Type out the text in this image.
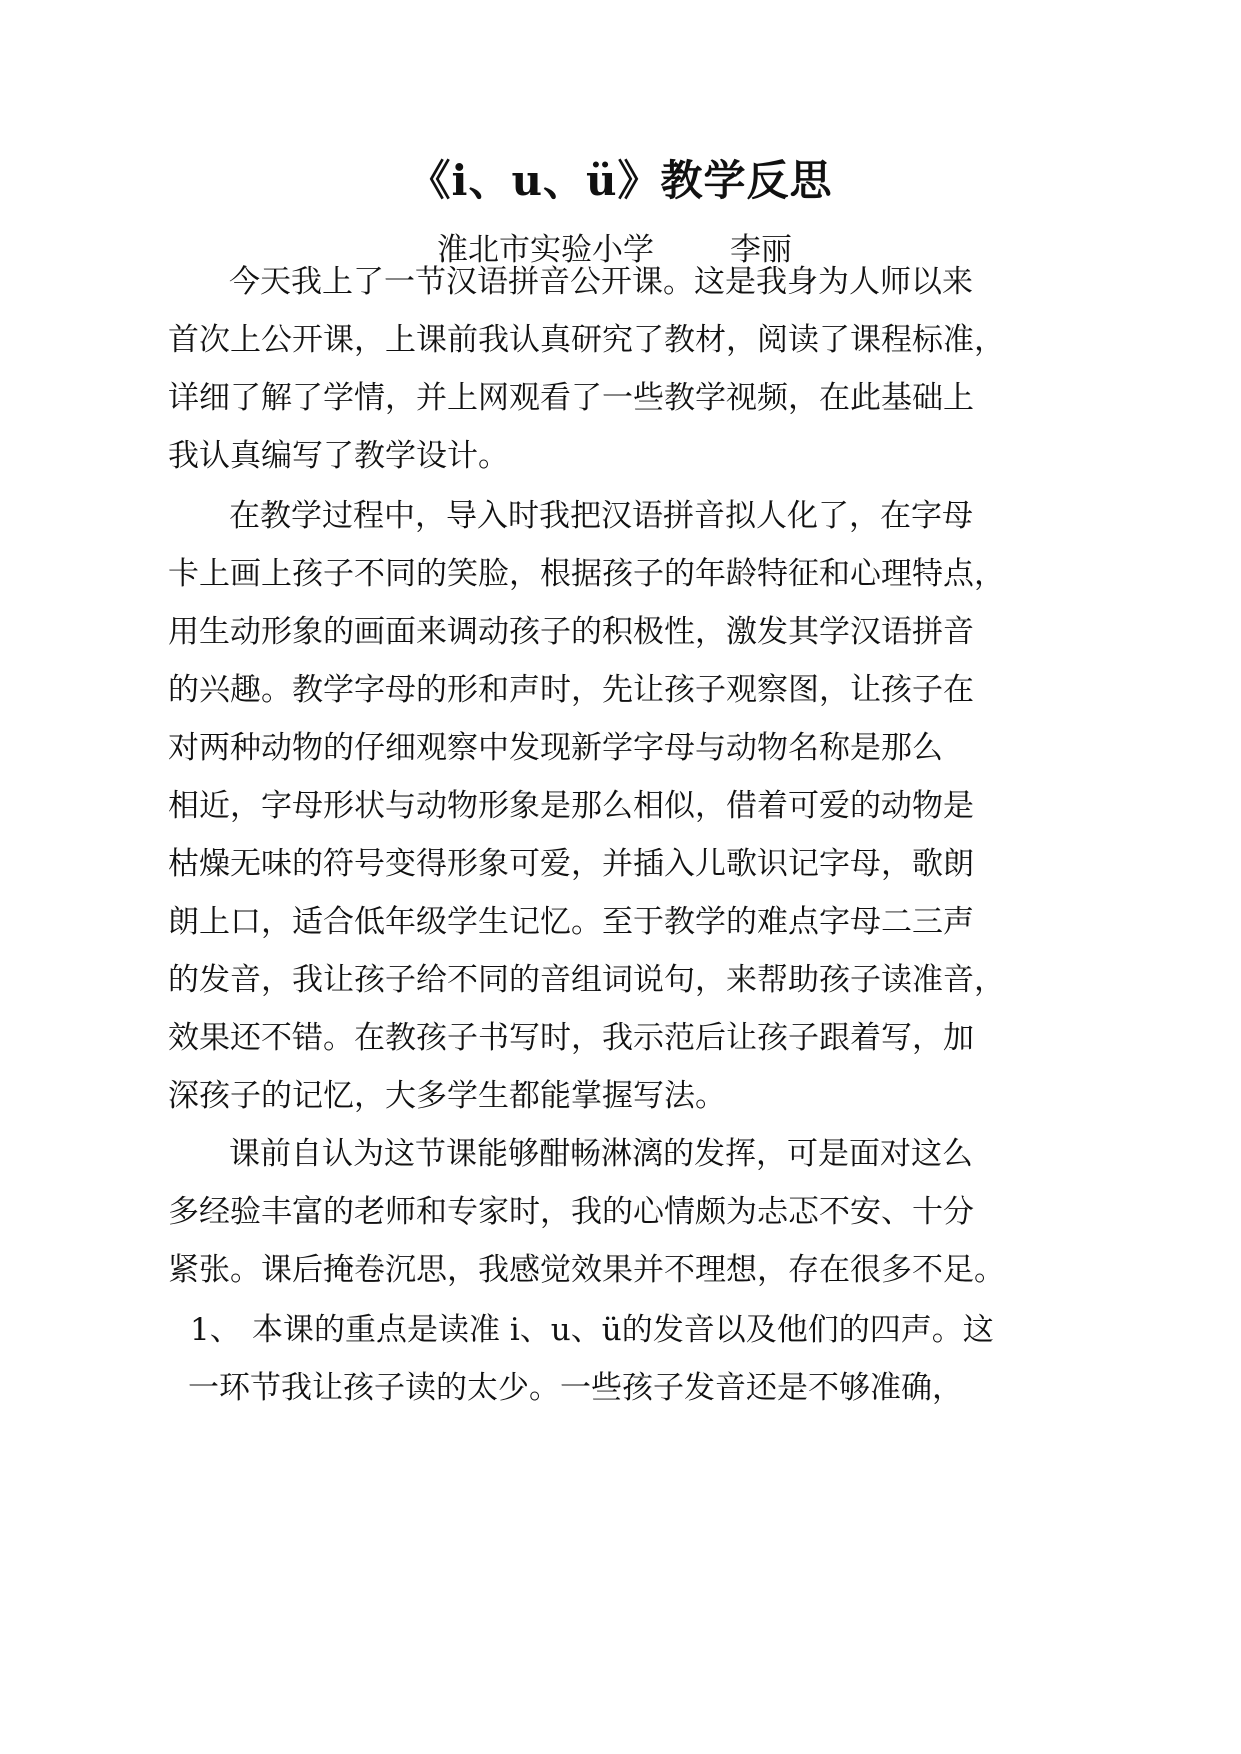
《i、u、ü》教学反思
淮北市实验小学 李丽
今天我上了一节汉语拼音公开课。这是我身为人师以来
首次上公开课，上课前我认真研究了教材，阅读了课程标准，
详细了解了学情，并上网观看了一些教学视频，在此基础上
我认真编写了教学设计。
在教学过程中，导入时我把汉语拼音拟人化了，在字母
卡上画上孩子不同的笑脸，根据孩子的年龄特征和心理特点，
用生动形象的画面来调动孩子的积极性，激发其学汉语拼音
的兴趣。教学字母的形和声时，先让孩子观察图，让孩子在
对两种动物的仔细观察中发现新学字母与动物名称是那么
相近，字母形状与动物形象是那么相似，借着可爱的动物是
枯燥无味的符号变得形象可爱，并插入儿歌识记字母，歌朗
朗上口，适合低年级学生记忆。至于教学的难点字母二三声
的发音，我让孩子给不同的音组词说句，来帮助孩子读准音，
效果还不错。在教孩子书写时，我示范后让孩子跟着写，加
深孩子的记忆，大多学生都能掌握写法。
课前自认为这节课能够酣畅淋漓的发挥，可是面对这么
多经验丰富的老师和专家时，我的心情颇为忐忑不安、十分
紧张。课后掩卷沉思，我感觉效果并不理想，存在很多不足。
1、 本课的重点是读准 i、u、ü的发音以及他们的四声。这
一环节我让孩子读的太少。一些孩子发音还是不够准确，
